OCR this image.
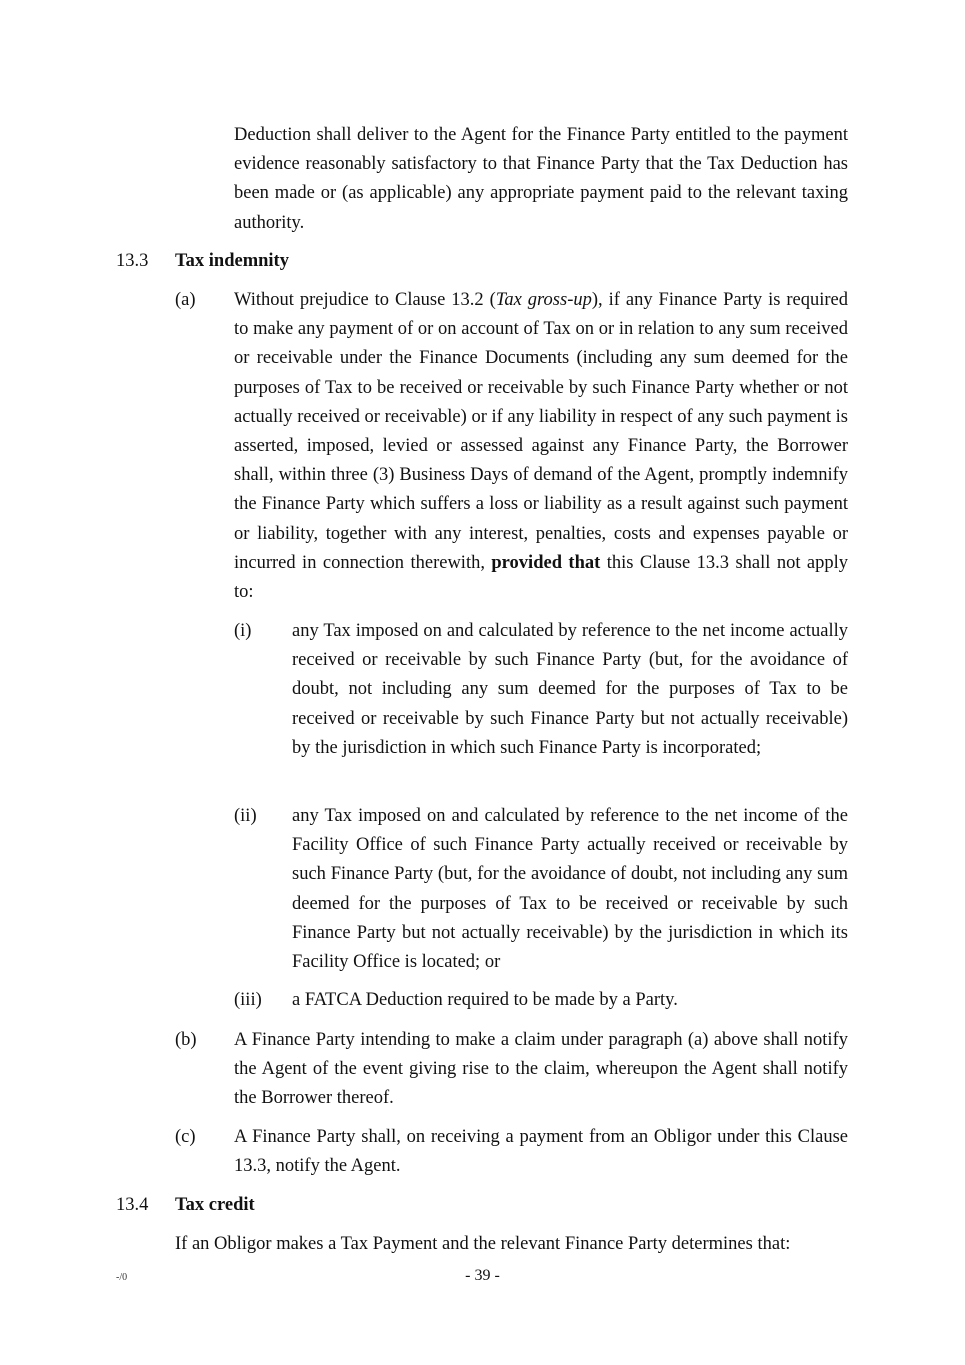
Deduction shall deliver to the Agent for the Finance Party entitled to the payment evidence reasonably satisfactory to that Finance Party that the Tax Deduction has been made or (as applicable) any appropriate payment paid to the relevant taxing authority.

13.3 Tax indemnity

(a) Without prejudice to Clause 13.2 (Tax gross-up), if any Finance Party is required to make any payment of or on account of Tax on or in relation to any sum received or receivable under the Finance Documents (including any sum deemed for the purposes of Tax to be received or receivable by such Finance Party whether or not actually received or receivable) or if any liability in respect of any such payment is asserted, imposed, levied or assessed against any Finance Party, the Borrower shall, within three (3) Business Days of demand of the Agent, promptly indemnify the Finance Party which suffers a loss or liability as a result against such payment or liability, together with any interest, penalties, costs and expenses payable or incurred in connection therewith, provided that this Clause 13.3 shall not apply to:

(i) any Tax imposed on and calculated by reference to the net income actually received or receivable by such Finance Party (but, for the avoidance of doubt, not including any sum deemed for the purposes of Tax to be received or receivable by such Finance Party but not actually receivable) by the jurisdiction in which such Finance Party is incorporated;

(ii) any Tax imposed on and calculated by reference to the net income of the Facility Office of such Finance Party actually received or receivable by such Finance Party (but, for the avoidance of doubt, not including any sum deemed for the purposes of Tax to be received or receivable by such Finance Party but not actually receivable) by the jurisdiction in which its Facility Office is located; or

(iii) a FATCA Deduction required to be made by a Party.

(b) A Finance Party intending to make a claim under paragraph (a) above shall notify the Agent of the event giving rise to the claim, whereupon the Agent shall notify the Borrower thereof.

(c) A Finance Party shall, on receiving a payment from an Obligor under this Clause 13.3, notify the Agent.

13.4 Tax credit

If an Obligor makes a Tax Payment and the relevant Finance Party determines that:

-/0	- 39 -
